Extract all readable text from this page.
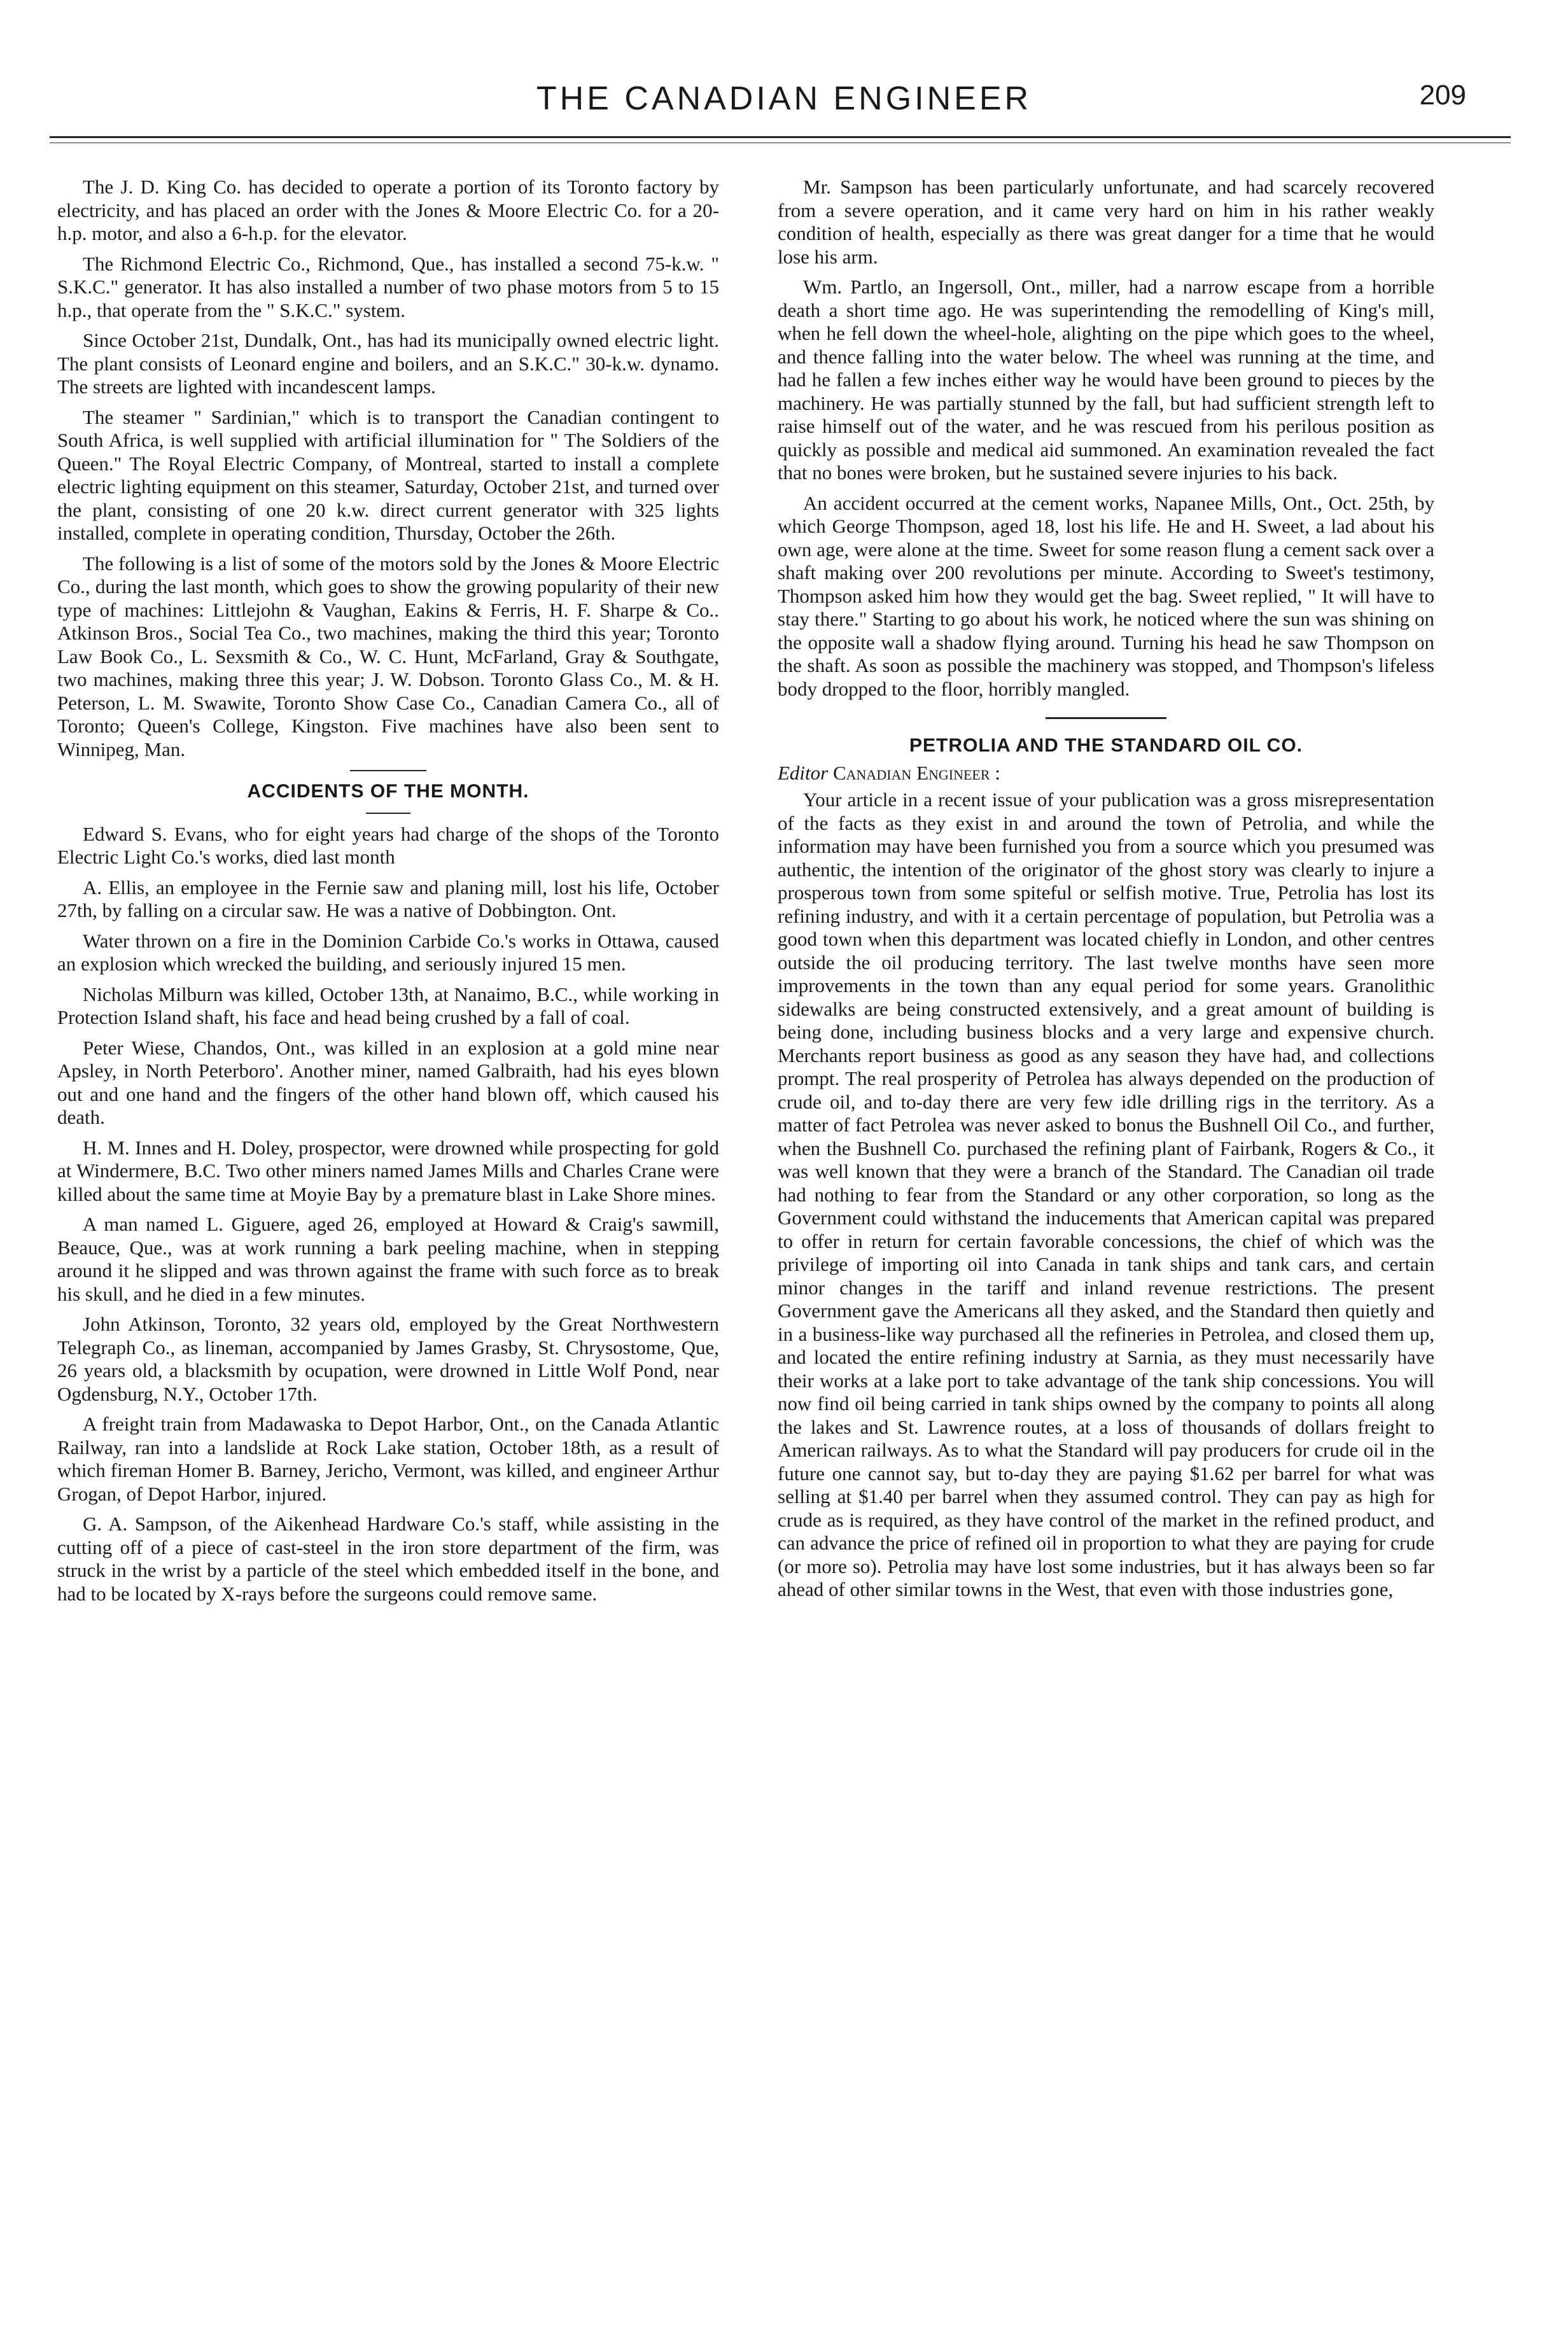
THE CANADIAN ENGINEER	209

The J. D. King Co. has decided to operate a portion of its Toronto factory by electricity, and has placed an order with the Jones & Moore Electric Co. for a 20-h.p. motor, and also a 6-h.p. for the elevator.

The Richmond Electric Co., Richmond, Que., has installed a second 75-k.w. " S.K.C." generator. It has also installed a number of two phase motors from 5 to 15 h.p., that operate from the " S.K.C." system.

Since October 21st, Dundalk, Ont., has had its municipally owned electric light. The plant consists of Leonard engine and boilers, and an S.K.C." 30-k.w. dynamo. The streets are lighted with incandescent lamps.

The steamer " Sardinian," which is to transport the Canadian contingent to South Africa, is well supplied with artificial illumination for " The Soldiers of the Queen." The Royal Electric Company, of Montreal, started to install a complete electric lighting equipment on this steamer, Saturday, October 21st, and turned over the plant, consisting of one 20 k.w. direct current generator with 325 lights installed, complete in operating condition, Thursday, October the 26th.

The following is a list of some of the motors sold by the Jones & Moore Electric Co., during the last month, which goes to show the growing popularity of their new type of machines: Littlejohn & Vaughan, Eakins & Ferris, H. F. Sharpe & Co.. Atkinson Bros., Social Tea Co., two machines, making the third this year; Toronto Law Book Co., L. Sexsmith & Co., W. C. Hunt, McFarland, Gray & Southgate, two machines, making three this year; J. W. Dobson. Toronto Glass Co., M. & H. Peterson, L. M. Swawite, Toronto Show Case Co., Canadian Camera Co., all of Toronto; Queen's College, Kingston. Five machines have also been sent to Winnipeg, Man.

ACCIDENTS OF THE MONTH.

Edward S. Evans, who for eight years had charge of the shops of the Toronto Electric Light Co.'s works, died last month

A. Ellis, an employee in the Fernie saw and planing mill, lost his life, October 27th, by falling on a circular saw. He was a native of Dobbington. Ont.

Water thrown on a fire in the Dominion Carbide Co.'s works in Ottawa, caused an explosion which wrecked the building, and seriously injured 15 men.

Nicholas Milburn was killed, October 13th, at Nanaimo, B.C., while working in Protection Island shaft, his face and head being crushed by a fall of coal.

Peter Wiese, Chandos, Ont., was killed in an explosion at a gold mine near Apsley, in North Peterboro'. Another miner, named Galbraith, had his eyes blown out and one hand and the fingers of the other hand blown off, which caused his death.

H. M. Innes and H. Doley, prospector, were drowned while prospecting for gold at Windermere, B.C. Two other miners named James Mills and Charles Crane were killed about the same time at Moyie Bay by a premature blast in Lake Shore mines.

A man named L. Giguere, aged 26, employed at Howard & Craig's sawmill, Beauce, Que., was at work running a bark peeling machine, when in stepping around it he slipped and was thrown against the frame with such force as to break his skull, and he died in a few minutes.

John Atkinson, Toronto, 32 years old, employed by the Great Northwestern Telegraph Co., as lineman, accompanied by James Grasby, St. Chrysostome, Que, 26 years old, a blacksmith by ocupation, were drowned in Little Wolf Pond, near Ogdensburg, N.Y., October 17th.

A freight train from Madawaska to Depot Harbor, Ont., on the Canada Atlantic Railway, ran into a landslide at Rock Lake station, October 18th, as a result of which fireman Homer B. Barney, Jericho, Vermont, was killed, and engineer Arthur Grogan, of Depot Harbor, injured.

G. A. Sampson, of the Aikenhead Hardware Co.'s staff, while assisting in the cutting off of a piece of cast-steel in the iron store department of the firm, was struck in the wrist by a particle of the steel which embedded itself in the bone, and had to be located by X-rays before the surgeons could remove same.

Mr. Sampson has been particularly unfortunate, and had scarcely recovered from a severe operation, and it came very hard on him in his rather weakly condition of health, especially as there was great danger for a time that he would lose his arm.

Wm. Partlo, an Ingersoll, Ont., miller, had a narrow escape from a horrible death a short time ago. He was superintending the remodelling of King's mill, when he fell down the wheel-hole, alighting on the pipe which goes to the wheel, and thence falling into the water below. The wheel was running at the time, and had he fallen a few inches either way he would have been ground to pieces by the machinery. He was partially stunned by the fall, but had sufficient strength left to raise himself out of the water, and he was rescued from his perilous position as quickly as possible and medical aid summoned. An examination revealed the fact that no bones were broken, but he sustained severe injuries to his back.

An accident occurred at the cement works, Napanee Mills, Ont., Oct. 25th, by which George Thompson, aged 18, lost his life. He and H. Sweet, a lad about his own age, were alone at the time. Sweet for some reason flung a cement sack over a shaft making over 200 revolutions per minute. According to Sweet's testimony, Thompson asked him how they would get the bag. Sweet replied, " It will have to stay there." Starting to go about his work, he noticed where the sun was shining on the opposite wall a shadow flying around. Turning his head he saw Thompson on the shaft. As soon as possible the machinery was stopped, and Thompson's lifeless body dropped to the floor, horribly mangled.

PETROLIA AND THE STANDARD OIL CO.

Editor Canadian Engineer :

Your article in a recent issue of your publication was a gross misrepresentation of the facts as they exist in and around the town of Petrolia, and while the information may have been furnished you from a source which you presumed was authentic, the intention of the originator of the ghost story was clearly to injure a prosperous town from some spiteful or selfish motive. True, Petrolia has lost its refining industry, and with it a certain percentage of population, but Petrolia was a good town when this department was located chiefly in London, and other centres outside the oil producing territory. The last twelve months have seen more improvements in the town than any equal period for some years. Granolithic sidewalks are being constructed extensively, and a great amount of building is being done, including business blocks and a very large and expensive church. Merchants report business as good as any season they have had, and collections prompt. The real prosperity of Petrolea has always depended on the production of crude oil, and to-day there are very few idle drilling rigs in the territory. As a matter of fact Petrolea was never asked to bonus the Bushnell Oil Co., and further, when the Bushnell Co. purchased the refining plant of Fairbank, Rogers & Co., it was well known that they were a branch of the Standard. The Canadian oil trade had nothing to fear from the Standard or any other corporation, so long as the Government could withstand the inducements that American capital was prepared to offer in return for certain favorable concessions, the chief of which was the privilege of importing oil into Canada in tank ships and tank cars, and certain minor changes in the tariff and inland revenue restrictions. The present Government gave the Americans all they asked, and the Standard then quietly and in a business-like way purchased all the refineries in Petrolea, and closed them up, and located the entire refining industry at Sarnia, as they must necessarily have their works at a lake port to take advantage of the tank ship concessions. You will now find oil being carried in tank ships owned by the company to points all along the lakes and St. Lawrence routes, at a loss of thousands of dollars freight to American railways. As to what the Standard will pay producers for crude oil in the future one cannot say, but to-day they are paying $1.62 per barrel for what was selling at $1.40 per barrel when they assumed control. They can pay as high for crude as is required, as they have control of the market in the refined product, and can advance the price of refined oil in proportion to what they are paying for crude (or more so). Petrolia may have lost some industries, but it has always been so far ahead of other similar towns in the West, that even with those industries gone,
